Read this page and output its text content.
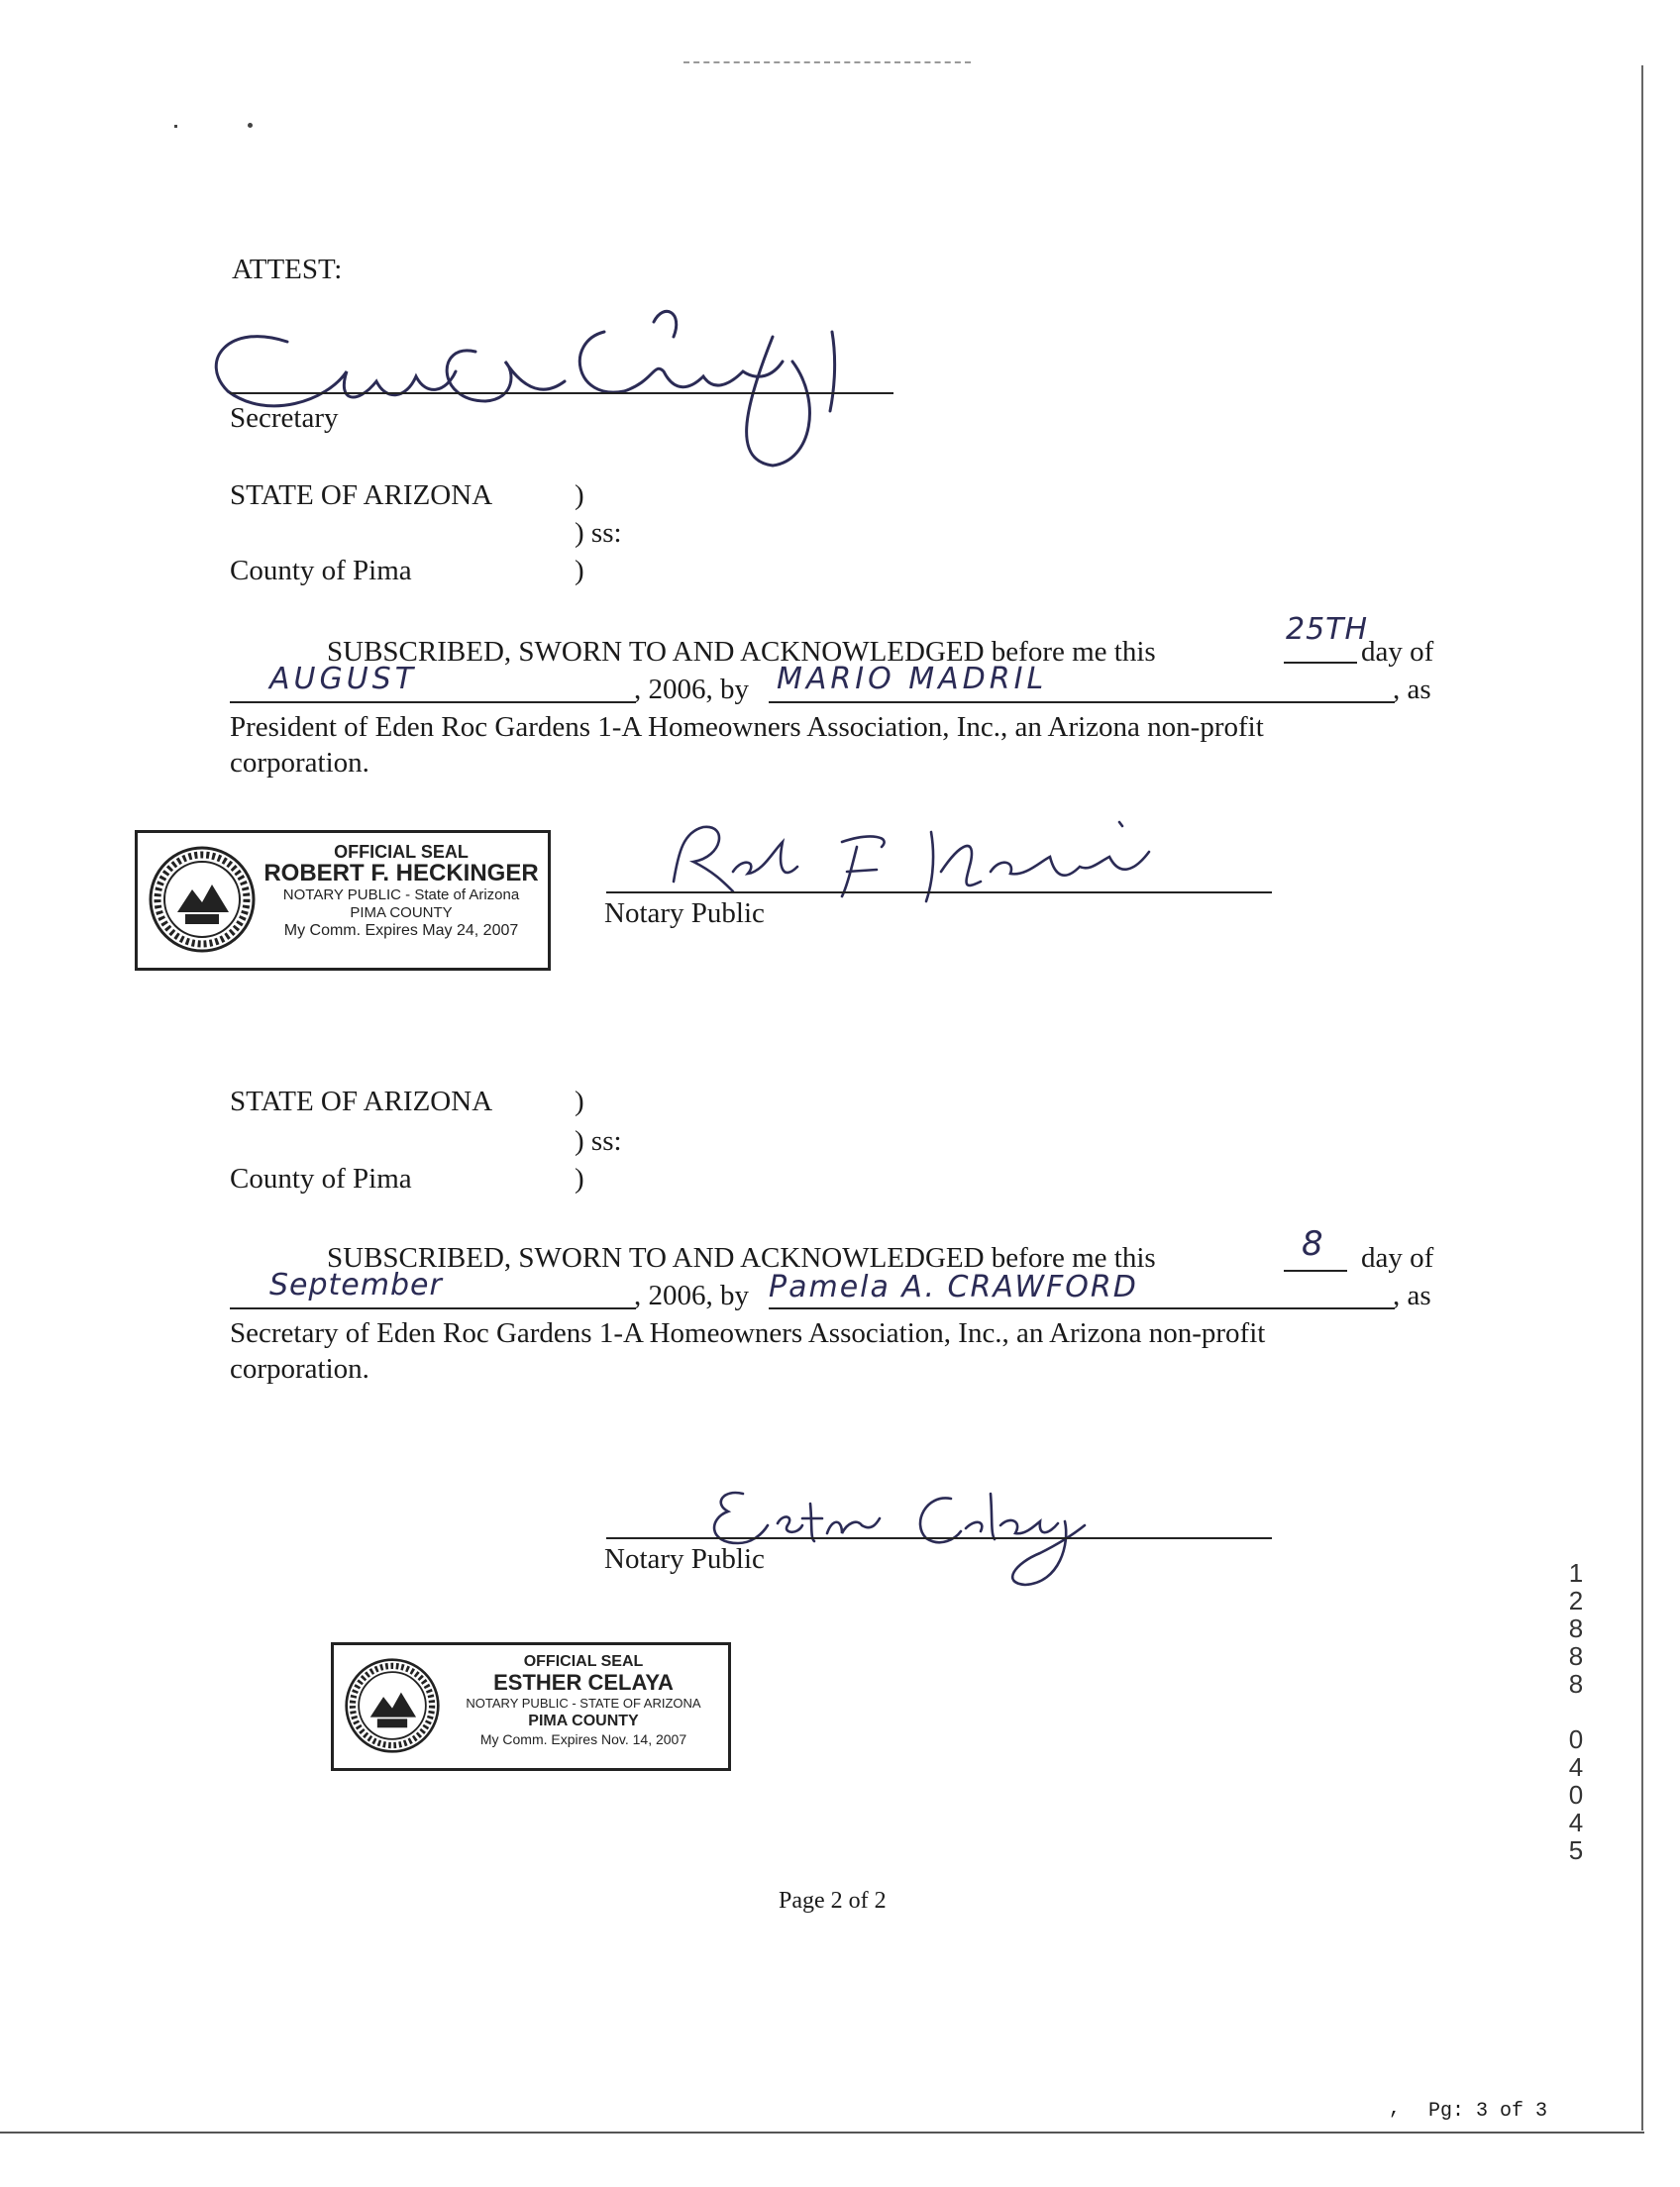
ATTEST:
Secretary
STATE OF ARIZONA	)
) ss:
County of Pima	)
SUBSCRIBED, SWORN TO AND ACKNOWLEDGED before me this
25TH
day of
AUGUST	, 2006, by MARIO MADRIL	, as
President of Eden Roc Gardens 1-A Homeowners Association, Inc., an Arizona non-profit
corporation.
OFFICIAL SEAL
ROBERT F. HECKINGER
NOTARY PUBLIC - State of Arizona
PIMA COUNTY
My Comm. Expires May 24, 2007
Notary Public
STATE OF ARIZONA	)
) ss:
County of Pima	)
SUBSCRIBED, SWORN TO AND ACKNOWLEDGED before me this	8 day of
September	, 2006, by Pamela A. CRAWFORD	, as
Secretary of Eden Roc Gardens 1-A Homeowners Association, Inc., an Arizona non-profit
corporation.
Notary Public
OFFICIAL SEAL
ESTHER CELAYA
NOTARY PUBLIC - STATE OF ARIZONA
PIMA COUNTY
My Comm. Expires Nov. 14, 2007
1
2
8
8
8
0
4
0
4
5
Page 2 of 2
, Pg: 3 of 3
